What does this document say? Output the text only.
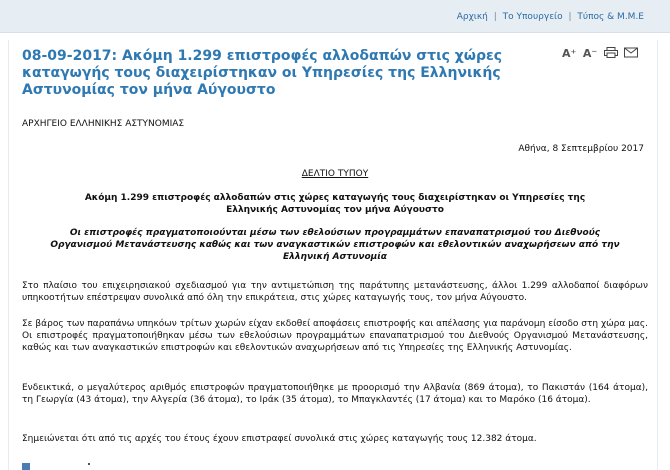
Αρχική | Το Υπουργείο | Τύπος & Μ.Μ.Ε
08-09-2017: Ακόμη 1.299 επιστροφές αλλοδαπών στις χώρες καταγωγής τους διαχειρίστηκαν οι Υπηρεσίες της Ελληνικής Αστυνομίας τον μήνα Αύγουστο
A⁺ A⁻
ΑΡΧΗΓΕΙΟ ΕΛΛΗΝΙΚΗΣ ΑΣΤΥΝΟΜΙΑΣ
Αθήνα, 8 Σεπτεμβρίου 2017
ΔΕΛΤΙΟ ΤΥΠΟΥ
Ακόμη 1.299 επιστροφές αλλοδαπών στις χώρες καταγωγής τους διαχειρίστηκαν οι Υπηρεσίες της Ελληνικής Αστυνομίας τον μήνα Αύγουστο
Οι επιστροφές πραγματοποιούνται μέσω των εθελούσιων προγραμμάτων επαναπατρισμού του Διεθνούς Οργανισμού Μετανάστευσης καθώς και των αναγκαστικών επιστροφών και εθελοντικών αναχωρήσεων από την Ελληνική Αστυνομία
Στο πλαίσιο του επιχειρησιακού σχεδιασμού για την αντιμετώπιση της παράτυπης μετανάστευσης, άλλοι 1.299 αλλοδαποί διαφόρων υπηκοοτήτων επέστρεψαν συνολικά από όλη την επικράτεια, στις χώρες καταγωγής τους, τον μήνα Αύγουστο.
Σε βάρος των παραπάνω υπηκόων τρίτων χωρών είχαν εκδοθεί αποφάσεις επιστροφής και απέλασης για παράνομη είσοδο στη χώρα μας. Οι επιστροφές πραγματοποιήθηκαν μέσω των εθελούσιων προγραμμάτων επαναπατρισμού του Διεθνούς Οργανισμού Μετανάστευσης, καθώς και των αναγκαστικών επιστροφών και εθελοντικών αναχωρήσεων από τις Υπηρεσίες της Ελληνικής Αστυνομίας.
Ενδεικτικά, ο μεγαλύτερος αριθμός επιστροφών πραγματοποιήθηκε με προορισμό την Αλβανία (869 άτομα), το Πακιστάν (164 άτομα), τη Γεωργία (43 άτομα), την Αλγερία (36 άτομα), το Ιράκ (35 άτομα), το Μπαγκλαντές (17 άτομα) και το Μαρόκο (16 άτομα).
Σημειώνεται ότι από τις αρχές του έτους έχουν επιστραφεί συνολικά στις χώρες καταγωγής τους 12.382 άτομα.
